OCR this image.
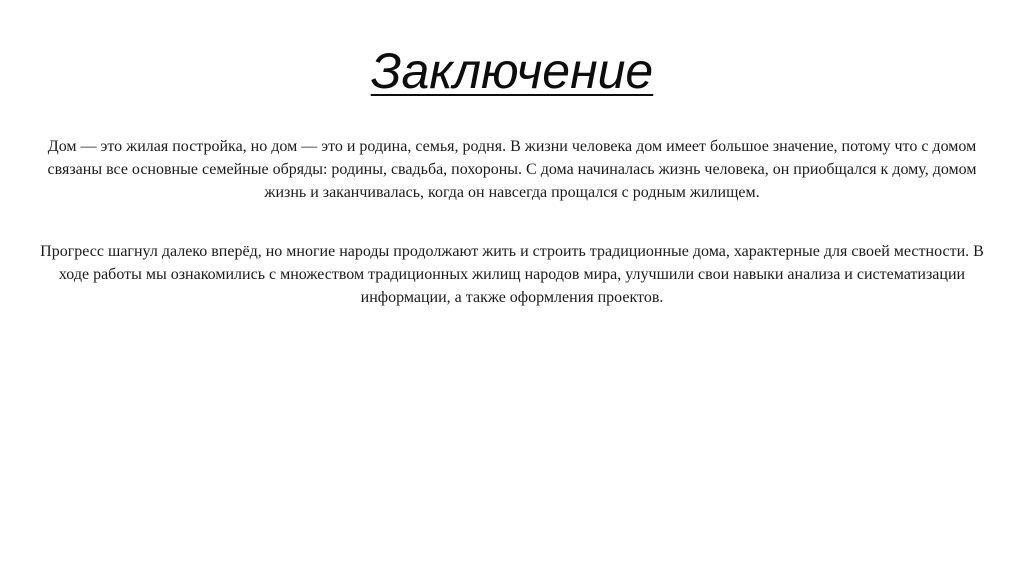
Заключение

Дом — это жилая постройка, но дом — это и родина, семья, родня. В жизни человека дом имеет большое значение, потому что с домом связаны все основные семейные обряды: родины, свадьба, похороны. С дома начиналась жизнь человека, он приобщался к дому, домом жизнь и заканчивалась, когда он навсегда прощался с родным жилищем.

Прогресс шагнул далеко вперёд, но многие народы продолжают жить и строить традиционные дома, характерные для своей местности. В ходе работы мы ознакомились с множеством традиционных жилищ народов мира, улучшили свои навыки анализа и систематизации информации, а также оформления проектов.
